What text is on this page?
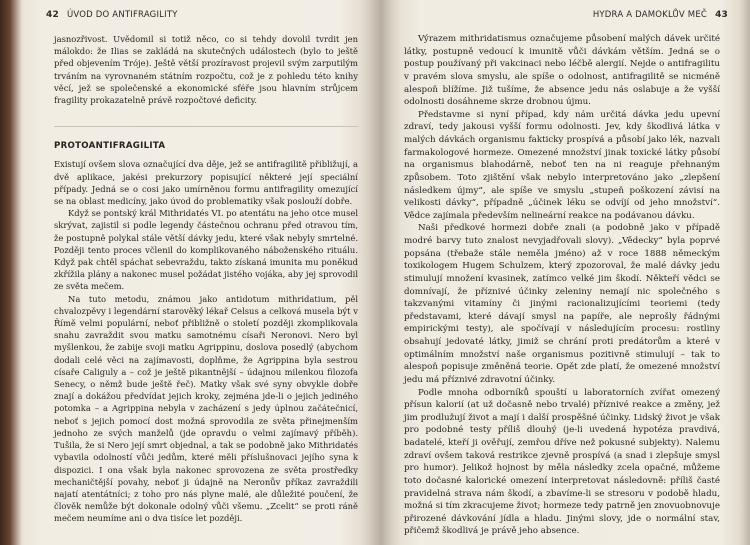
42 ÚVOD DO ANTIFRAGILITY

jasnozřivost. Uvědomil si totiž něco, co si tehdy dovolil tvrdit jen málokdo: že Ilias se zakládá na skutečných událostech (bylo to ještě před objevením Tróje). Ještě větší prozíravost projevil svým zarputilým trváním na vyrovnaném státním rozpočtu, což je z pohledu této knihy věcí, jež se společenské a ekonomické sféře jsou hlavním strůjcem fragility prokazatelně právě rozpočtové deficity.

PROTOANTIFRAGILITA

Existují ovšem slova označující dva děje, jež se antifragilitě přibližují, a dvě aplikace, jakési prekurzory popisující některé její speciální případy. Jedná se o cosi jako umírněnou formu antifragility omezující se na oblast medicíny, jako úvod do problematiky však poslouží dobře.

Když se pontský král Mithridatés VI. po atentátu na jeho otce musel skrývat, zajistil si podle legendy částečnou ochranu před otravou tím, že postupně polykal stále větší dávky jedu, které však nebyly smrtelné. Později tento proces včlenil do komplikovaného náboženského rituálu. Když pak chtěl spáchat sebevraždu, takto získaná imunita mu poněkud zkřížila plány a nakonec musel požádat jistého vojáka, aby jej sprovodil ze světa mečem.

Na tuto metodu, známou jako antidotum mithridatium, pěl chvalozpěvy i legendární starověký lékař Celsus a celková musela být v Římě velmi populární, neboť přibližně o století později zkomplikovala snahu zavraždit svou matku samotnému císaři Neronovi. Nero byl myšlenkou, že zabije svoji matku Agrippinu, doslova posedlý (abychom dodali celé věci na zajímavosti, doplňme, že Agrippina byla sestrou císaře Caliguly a – což je ještě pikantnější – údajnou milenkou filozofa Senecy, o němž bude ještě řeč). Matky však své syny obvykle dobře znají a dokážou předvídat jejich kroky, zejména jde-li o jejich jediného potomka – a Agrippina nebyla v zacházení s jedy úplnou začátečnicí, neboť s jejich pomocí dost možná sprovodila ze světa přinejmenším jednoho ze svých manželů (jde opravdu o velmi zajímavý příběh). Tušila, že si Nero její smrt objednal, a tak se podobně jako Mithridatés vybavila odolností vůči jedům, které měli příslušnovaci jejího syna k dispozici. I ona však byla nakonec sprovozena ze světa prostředky mechaničtější povahy, neboť ji údajně na Neronův příkaz zavraždili najatí atentátníci; z toho pro nás plyne malé, ale důležité poučení, že člověk nemůže být dokonale odolný vůči všemu. „Zcelit“ se proti ráně mečem neumíme ani o dva tisíce let později.

HYDRA A DAMOKLŮV MEČ 43

Výrazem mithridatismus označujeme působení malých dávek určité látky, postupně vedoucí k imunitě vůči dávkám větším. Jedná se o postup používaný při vakcinaci nebo léčbě alergií. Nejde o antifragilitu v pravém slova smyslu, ale spíše o odolnost, antifragilitě se nicméně alespoň blížíme. Již tušíme, že absence jedu nás oslabuje a že vyšší odolnosti dosáhneme skrze drobnou újmu.

Představme si nyní případ, kdy nám určitá dávka jedu upevní zdraví, tedy jakousi vyšší formu odolnosti. Jev, kdy škodlivá látka v malých dávkách organismu fakticky prospívá a působí jako lék, nazvali farmakologové hormeze. Omezené množství jinak toxické látky působí na organismus blahodárně, neboť ten na ni reaguje přehnaným způsobem. Toto zjištění však nebylo interpretováno jako „zlepšení následkem újmy“, ale spíše ve smyslu „stupeň poškození závisí na velikosti dávky“, případně „účinek léku se odvíjí od jeho množství“. Vědce zajímala především nelineární reakce na podávanou dávku.

Naši předkové hormezi dobře znali (a podobně jako v případě modré barvy tuto znalost nevyjadřovali slovy). „Vědecky“ byla poprvé popsána (třebaže stále neměla jméno) až v roce 1888 německým toxikologem Hugem Schulzem, který zpozoroval, že malé dávky jedu stimulují množení kvasinek, zatímco velké jim škodí. Někteří vědci se domnívají, že příznivé účinky zeleniny nemají nic společného s takzvanými vitamíny či jinými racionalizujícími teoriemi (tedy představami, které dávají smysl na papíře, ale neprošly řádnými empirickými testy), ale spočívají v následujícím procesu: rostliny obsahují jedovaté látky, jimiž se chrání proti predátorům a které v optimálním množství naše organismus pozitivně stimulují – tak to alespoň popisuje změněná teorie. Opět zde platí, že omezené množství jedu má příznivé zdravotní účinky.

Podle mnoha odborníků spouští u laboratorních zvířat omezený přísun kalorií (at už dočasně nebo trvalé) příznivé reakce a změny, jež jim prodlužují život a mají i další prospěšné účinky. Lidský život je však pro podobné testy příliš dlouhý (je-li uvedená hypotéza pravdivá, badatelé, kteří ji ověřují, zemřou dříve než pokusné subjekty). Nalemu zdraví ovšem taková restrikce zjevně prospívá (a snad i zlepšuje smysl pro humor). Jelikož hojnost by měla následky zcela opačné, můžeme toto dočasné kalorické omezení interpretovat následovně: příliš časté pravidelná strava nám škodí, a zbavíme-li se stresoru v podobě hladu, možná si tím zkracujeme život; hormeze tedy patrně jen znovuobnovuje přirozené dávkování jídla a hladu. Jinými slovy, jde o normální stav, přičemž škodlivá je právě jeho absence.
